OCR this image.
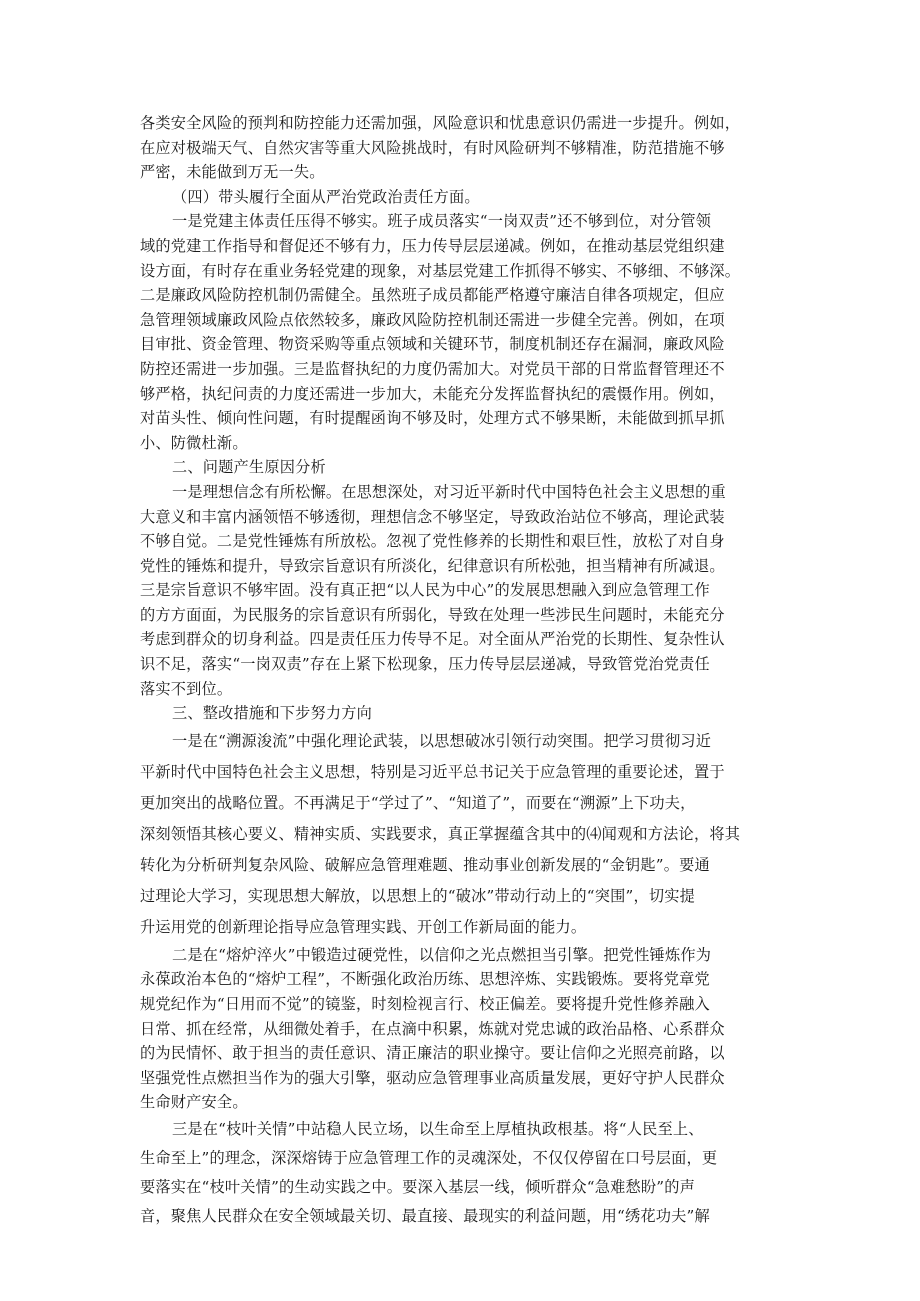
各类安全风险的预判和防控能力还需加强，风险意识和忧患意识仍需进一步提升。例如，
在应对极端天气、自然灾害等重大风险挑战时，有时风险研判不够精准，防范措施不够
严密，未能做到万无一失。
（四）带头履行全面从严治党政治责任方面。
一是党建主体责任压得不够实。班子成员落实“一岗双责”还不够到位，对分管领
域的党建工作指导和督促还不够有力，压力传导层层递减。例如，在推动基层党组织建
设方面，有时存在重业务轻党建的现象，对基层党建工作抓得不够实、不够细、不够深。
二是廉政风险防控机制仍需健全。虽然班子成员都能严格遵守廉洁自律各项规定，但应
急管理领域廉政风险点依然较多，廉政风险防控机制还需进一步健全完善。例如，在项
目审批、资金管理、物资采购等重点领域和关键环节，制度机制还存在漏洞，廉政风险
防控还需进一步加强。三是监督执纪的力度仍需加大。对党员干部的日常监督管理还不
够严格，执纪问责的力度还需进一步加大，未能充分发挥监督执纪的震慑作用。例如，
对苗头性、倾向性问题，有时提醒函询不够及时，处理方式不够果断，未能做到抓早抓
小、防微杜渐。
二、问题产生原因分析
一是理想信念有所松懈。在思想深处，对习近平新时代中国特色社会主义思想的重
大意义和丰富内涵领悟不够透彻，理想信念不够坚定，导致政治站位不够高，理论武装
不够自觉。二是党性锤炼有所放松。忽视了党性修养的长期性和艰巨性，放松了对自身
党性的锤炼和提升，导致宗旨意识有所淡化，纪律意识有所松弛，担当精神有所减退。
三是宗旨意识不够牢固。没有真正把“以人民为中心”的发展思想融入到应急管理工作
的方方面面，为民服务的宗旨意识有所弱化，导致在处理一些涉民生问题时，未能充分
考虑到群众的切身利益。四是责任压力传导不足。对全面从严治党的长期性、复杂性认
识不足，落实“一岗双责”存在上紧下松现象，压力传导层层递减，导致管党治党责任
落实不到位。
三、整改措施和下步努力方向
一是在“溯源浚流”中强化理论武装，以思想破冰引领行动突围。把学习贯彻习近
平新时代中国特色社会主义思想，特别是习近平总书记关于应急管理的重要论述，置于
更加突出的战略位置。不再满足于“学过了”、“知道了”，而要在“溯源”上下功夫，
深刻领悟其核心要义、精神实质、实践要求，真正掌握蕴含其中的⑷闻观和方法论，将其
转化为分析研判复杂风险、破解应急管理难题、推动事业创新发展的“金钥匙”。要通
过理论大学习，实现思想大解放，以思想上的“破冰”带动行动上的“突围”，切实提
升运用党的创新理论指导应急管理实践、开创工作新局面的能力。
二是在“熔炉淬火”中锻造过硬党性，以信仰之光点燃担当引擎。把党性锤炼作为
永葆政治本色的“熔炉工程”，不断强化政治历练、思想淬炼、实践锻炼。要将党章党
规党纪作为“日用而不觉”的镜鉴，时刻检视言行、校正偏差。要将提升党性修养融入
日常、抓在经常，从细微处着手，在点滴中积累，炼就对党忠诚的政治品格、心系群众
的为民情怀、敢于担当的责任意识、清正廉洁的职业操守。要让信仰之光照亮前路，以
坚强党性点燃担当作为的强大引擎，驱动应急管理事业高质量发展，更好守护人民群众
生命财产安全。
三是在“枝叶关情”中站稳人民立场，以生命至上厚植执政根基。将“人民至上、
生命至上”的理念，深深熔铸于应急管理工作的灵魂深处，不仅仅停留在口号层面，更
要落实在“枝叶关情”的生动实践之中。要深入基层一线，倾听群众“急难愁盼”的声
音，聚焦人民群众在安全领域最关切、最直接、最现实的利益问题，用“绣花功夫”解
